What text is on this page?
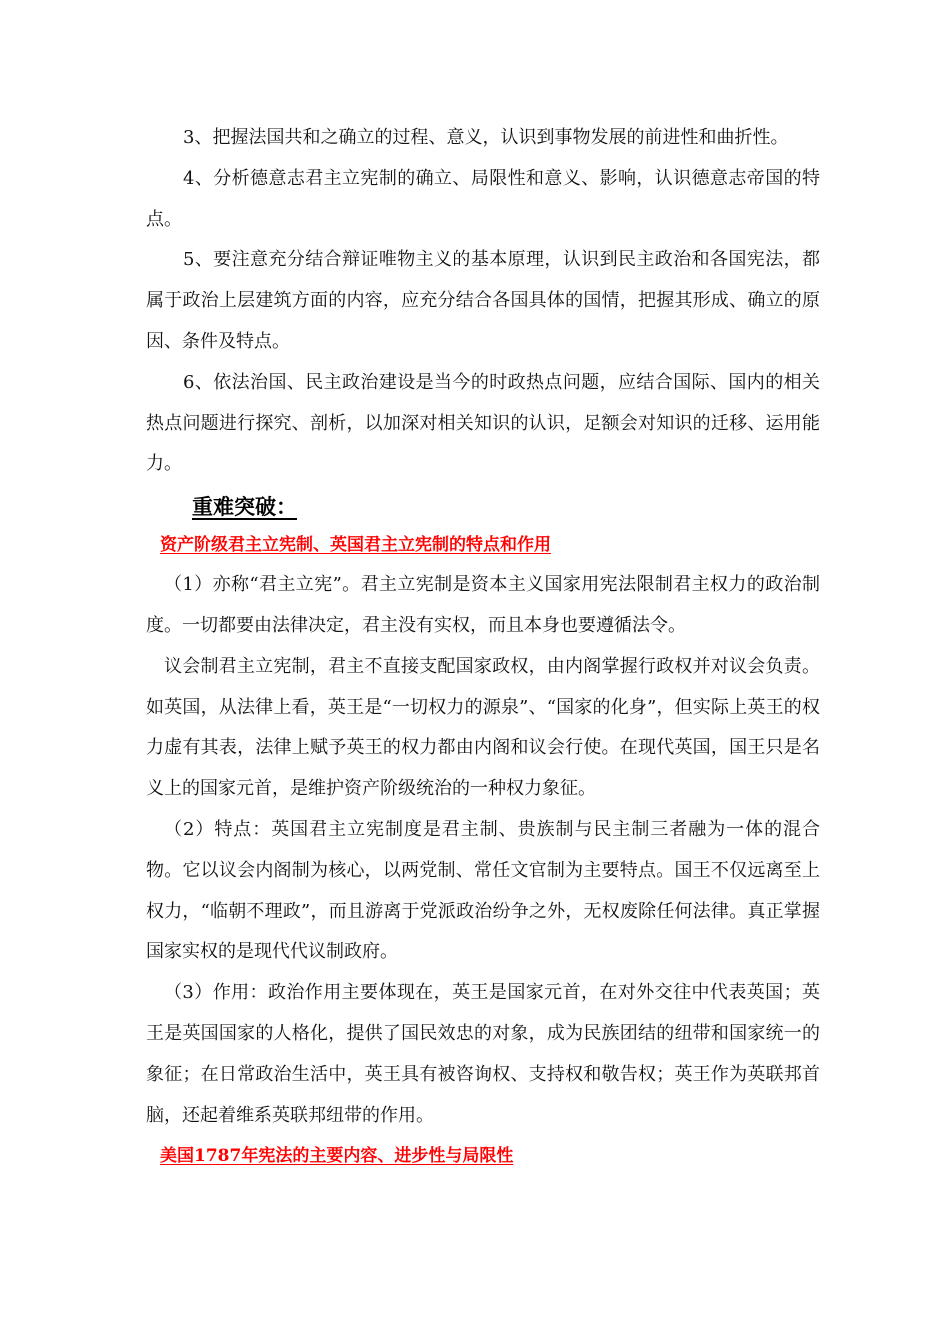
3、把握法国共和之确立的过程、意义，认识到事物发展的前进性和曲折性。

4、分析德意志君主立宪制的确立、局限性和意义、影响，认识德意志帝国的特点。

5、要注意充分结合辩证唯物主义的基本原理，认识到民主政治和各国宪法，都属于政治上层建筑方面的内容，应充分结合各国具体的国情，把握其形成、确立的原因、条件及特点。

6、依法治国、民主政治建设是当今的时政热点问题，应结合国际、国内的相关热点问题进行探究、剖析，以加深对相关知识的认识，足额会对知识的迁移、运用能力。

重难突破：

资产阶级君主立宪制、英国君主立宪制的特点和作用

（1）亦称“君主立宪”。君主立宪制是资本主义国家用宪法限制君主权力的政治制度。一切都要由法律决定，君主没有实权，而且本身也要遵循法令。

议会制君主立宪制，君主不直接支配国家政权，由内阁掌握行政权并对议会负责。如英国，从法律上看，英王是“一切权力的源泉”、“国家的化身”，但实际上英王的权力虚有其表，法律上赋予英王的权力都由内阁和议会行使。在现代英国，国王只是名义上的国家元首，是维护资产阶级统治的一种权力象征。

（2）特点：英国君主立宪制度是君主制、贵族制与民主制三者融为一体的混合物。它以议会内阁制为核心，以两党制、常任文官制为主要特点。国王不仅远离至上权力，“临朝不理政”，而且游离于党派政治纷争之外，无权废除任何法律。真正掌握国家实权的是现代代议制政府。

（3）作用：政治作用主要体现在，英王是国家元首，在对外交往中代表英国；英王是英国国家的人格化，提供了国民效忠的对象，成为民族团结的纽带和国家统一的象征；在日常政治生活中，英王具有被咨询权、支持权和敬告权；英王作为英联邦首脑，还起着维系英联邦纽带的作用。

美国1787年宪法的主要内容、进步性与局限性
